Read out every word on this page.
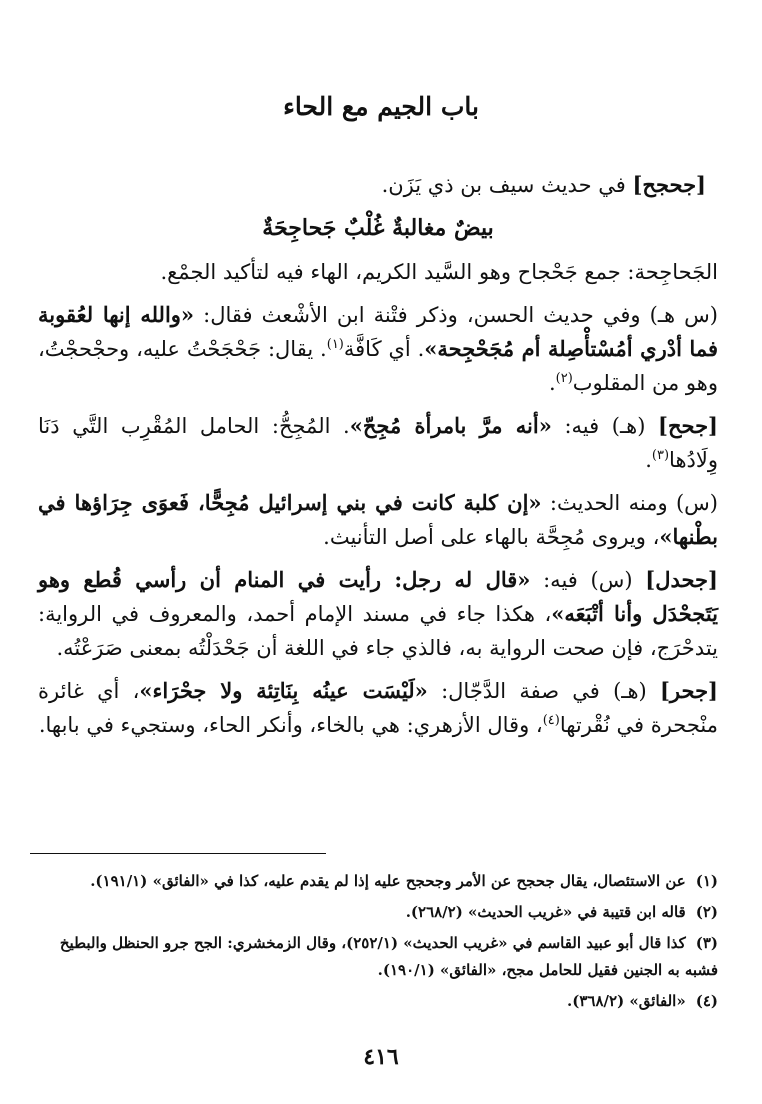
باب الجيم مع الحاء

[جحجح] في حديث سيف بن ذي يَزَن.

بيضٌ مغالبةٌ غُلْبٌ جَحاجِحَةٌ

الجَحاجِحة: جمع جَحْجاح وهو السَّيد الكريم، الهاء فيه لتأكيد الجمْع.

(س هـ) وفي حديث الحسن، وذكر فتْنة ابن الأشْعث فقال: «والله إنها لعُقوبة فما أدْري أمُسْتأْصِلة أم مُجَحْجِحة». أي كَافَّة$^{(١)}$. يقال: جَحْجَحْتُ عليه، وحجْحجْتُ، وهو من المقلوب$^{(٢)}$.

[جحح] (هـ) فيه: «أنه مرَّ بامرأة مُجِحّ». المُجِحُّ: الحامل المُقْرِب التَّي دَنَا وِلَادُها$^{(٣)}$.

(س) ومنه الحديث: «إن كلبة كانت في بني إسرائيل مُجِحًّا، فَعوَى جِرَاؤها في بطْنها»، ويروى مُجِحَّة بالهاء على أصل التأنيث.

[جحدل] (س) فيه: «قال له رجل: رأيت في المنام أن رأسي قُطع وهو يَتَجحْدَل وأنا أتْبَعَه»، هكذا جاء في مسند الإمام أحمد، والمعروف في الرواية: يتدحْرَج، فإن صحت الرواية به، فالذي جاء في اللغة أن جَحْدَلْتُه بمعنى صَرَعْتُه.

[جحر] (هـ) في صفة الدَّجّال: «لَيْسَت عينُه بِنَاتِئة ولا جحْرَاء»، أي غائرة منْجحرة في نُقْرتها$^{(٤)}$، وقال الأزهري: هي بالخاء، وأنكر الحاء، وستجيء في بابها.

(١)عن الاستئصال، يقال جحجح عن الأمر وجحجح عليه إذا لم يقدم عليه، كذا في «الفائق» (١٩١/١).

(٢)قاله ابن قتيبة في «غريب الحديث» (٢٦٨/٢).

(٣)كذا قال أبو عبيد القاسم في «غريب الحديث» (٢٥٢/١)، وقال الزمخشري: الجح جرو الحنظل والبطيخ فشبه به الجنين فقيل للحامل مجح، «الفائق» (١٩٠/١).

(٤)«الفائق» (٣٦٨/٢).

٤١٦
